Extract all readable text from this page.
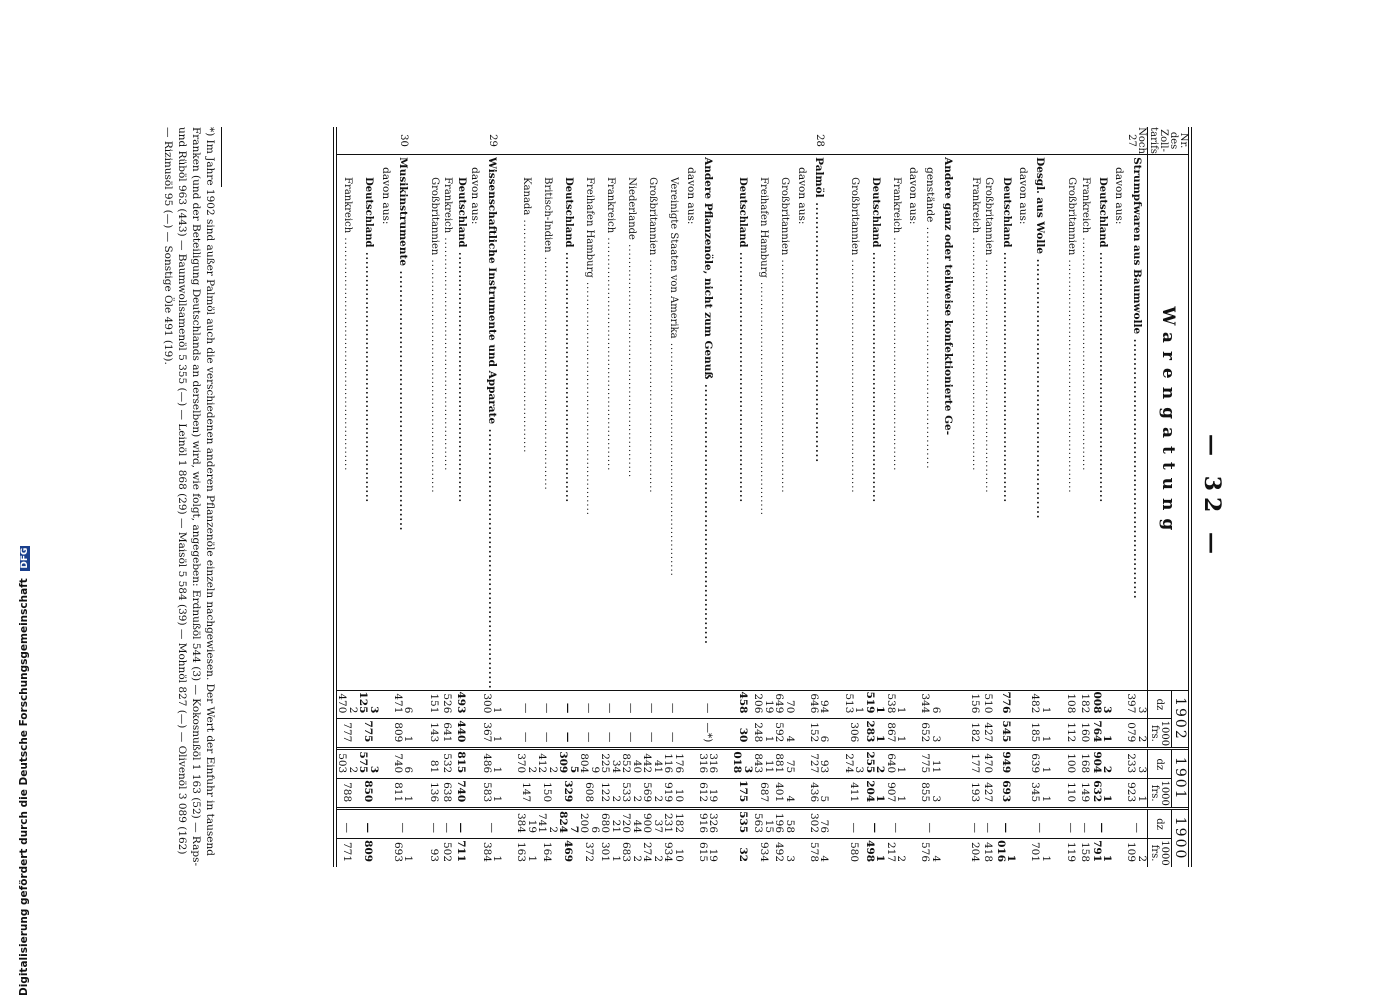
— 32 —
Nr. des Zoll- tarifs	Warengattung	1902		1901		1900	
		dz	1000 frs.	dz	1000 frs.	dz	1000 frs.
Noch 27	Strumpfwaren aus Baumwolle .....	3 397	2 079	3 233	1 923	—	2 109
	davon aus:						
	Deutschland .....	3 008	1 764	2 904	1 632	—	1 791
	Frankreich .....	182	160	168	149	—	158
	Großbritannien .....	108	112	100	110	—	119

	Desgl. aus Wolle .....	1 482	1 185	1 639	1 345	—	1 701
	davon aus:						
	Deutschland .....	776	545	949	693	—	1 016
	Großbritannien .....	510	427	470	427	—	418
	Frankreich .....	156	182	177	193	—	204

	Andere ganz oder teilweise konfektionierte Ge-						
	genstände .....	6 344	3 652	11 775	3 855	—	4 576
	davon aus:						
	Frankreich .....	1 538	1 867	1 640	1 907	—	2 217
	Deutschland .....	1 519	1 283	2 255	1 204	—	1 498
	Großbritannien .....	1 513	306	3 274	411	—	580

28	Palmöl .....	94 646	6 152	93 727	5 436	76 302	4 578
	davon aus:						
	Großbritannien .....	70 649	4 592	75 881	4 401	58 196	3 492
	Freihafen Hamburg .....	19 206	1 248	11 843	687	15 563	934
	Deutschland .....	458	30	3 018	175	535	32

	Andere Pflanzenöle, nicht zum Genuß .....	—	—*)	316 316	19 612	326 916	19 615
	davon aus:						
	Vereinigte Staaten von Amerika .....	—	—	176 116	10 919	182 231	10 934
	Großbritannien .....	—	—	41 442	2 569	37 900	2 274
	Niederlande .....	—	—	40 852	2 533	44 720	2 683
	Frankreich .....	—	—	34 225	2 122	21 680	1 301
	Freihafen Hamburg .....	—	—	9 804	608	6 200	372
	Deutschland .....	—	—	5 309	329	7 824	469
	Britisch-Indien .....	—	—	2 412	150	2 741	164
	Kanada .....	—	—	2 370	147	19 384	1 163

29	Wissenschaftliche Instrumente und Apparate .....	1 300	1 367	1 486	1 583	—	1 384
	davon aus:						
	Deutschland .....	493	440	815	740	—	711
	Frankreich .....	526	641	532	638	—	502
	Großbritannien .....	151	143	81	136	—	93

30	Musikinstrumente .....	6 471	1 809	6 740	1 811	—	1 693
	davon aus:						
	Deutschland .....	3 125	775	3 575	850	—	809
	Frankreich .....	2 470	777	2 503	788	—	771
*) Im Jahre 1902 sind außer Palmöl auch die verschiedenen anderen Pflanzenöle einzeln nachgewiesen. Der Wert der Einfuhr in tausend Franken (und der Beteiligung Deutschlands an derselben) wird, wie folgt, angegeben: Erdnußöl 544 (3) — Kokosnußöl 1 163 (52) — Raps- und Rüböl 963 (443) — Baumwollsamenöl 5 355 (—) — Leinöl 1 868 (29) — Maisöl 5 584 (39) — Mohnöl 827 (—) — Olivenöl 3 089 (162) — Rizinusöl 95 (—) — Sonstige Öle 491 (19).
Digitalisierung gefördert durch die Deutsche Forschungsgemeinschaft DFG
